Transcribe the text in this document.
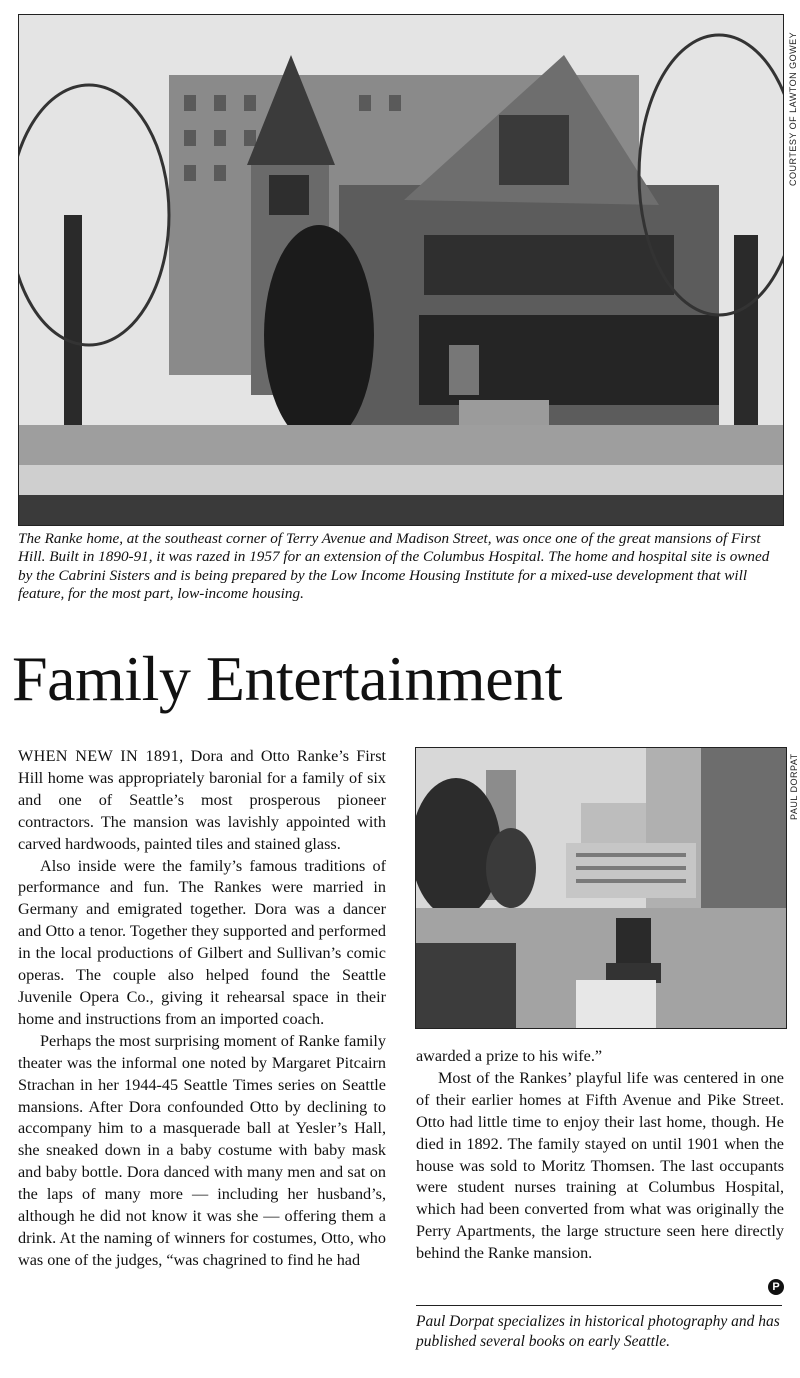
COURTESY OF LAWTON GOWEY

The Ranke home, at the southeast corner of Terry Avenue and Madison Street, was once one of the great mansions of First Hill. Built in 1890-91, it was razed in 1957 for an extension of the Columbus Hospital. The home and hospital site is owned by the Cabrini Sisters and is being prepared by the Low Income Housing Institute for a mixed-use development that will feature, for the most part, low-income housing.

Family Entertainment
PAUL DORPAT

WHEN NEW IN 1891, Dora and Otto Ranke’s First Hill home was appropriately baronial for a family of six and one of Seattle’s most prosperous pioneer contractors. The mansion was lavishly appointed with carved hardwoods, painted tiles and stained glass.

Also inside were the family’s famous traditions of performance and fun. The Rankes were married in Germany and emigrated together. Dora was a dancer and Otto a tenor. Together they supported and performed in the local productions of Gilbert and Sullivan’s comic operas. The couple also helped found the Seattle Juvenile Opera Co., giving it rehearsal space in their home and instructions from an imported coach.

Perhaps the most surprising moment of Ranke family theater was the informal one noted by Margaret Pitcairn Strachan in her 1944-45 Seattle Times series on Seattle mansions. After Dora confounded Otto by declining to accompany him to a masquerade ball at Yesler’s Hall, she sneaked down in a baby costume with baby mask and baby bottle. Dora danced with many men and sat on the laps of many more — including her husband’s, although he did not know it was she — offering them a drink. At the naming of winners for costumes, Otto, who was one of the judges, “was chagrined to find he had

awarded a prize to his wife.”

Most of the Rankes’ playful life was centered in one of their earlier homes at Fifth Avenue and Pike Street. Otto had little time to enjoy their last home, though. He died in 1892. The family stayed on until 1901 when the house was sold to Moritz Thomsen. The last occupants were student nurses training at Columbus Hospital, which had been converted from what was originally the Perry Apartments, the large structure seen here directly behind the Ranke mansion.

P

Paul Dorpat specializes in historical photography and has published several books on early Seattle.
